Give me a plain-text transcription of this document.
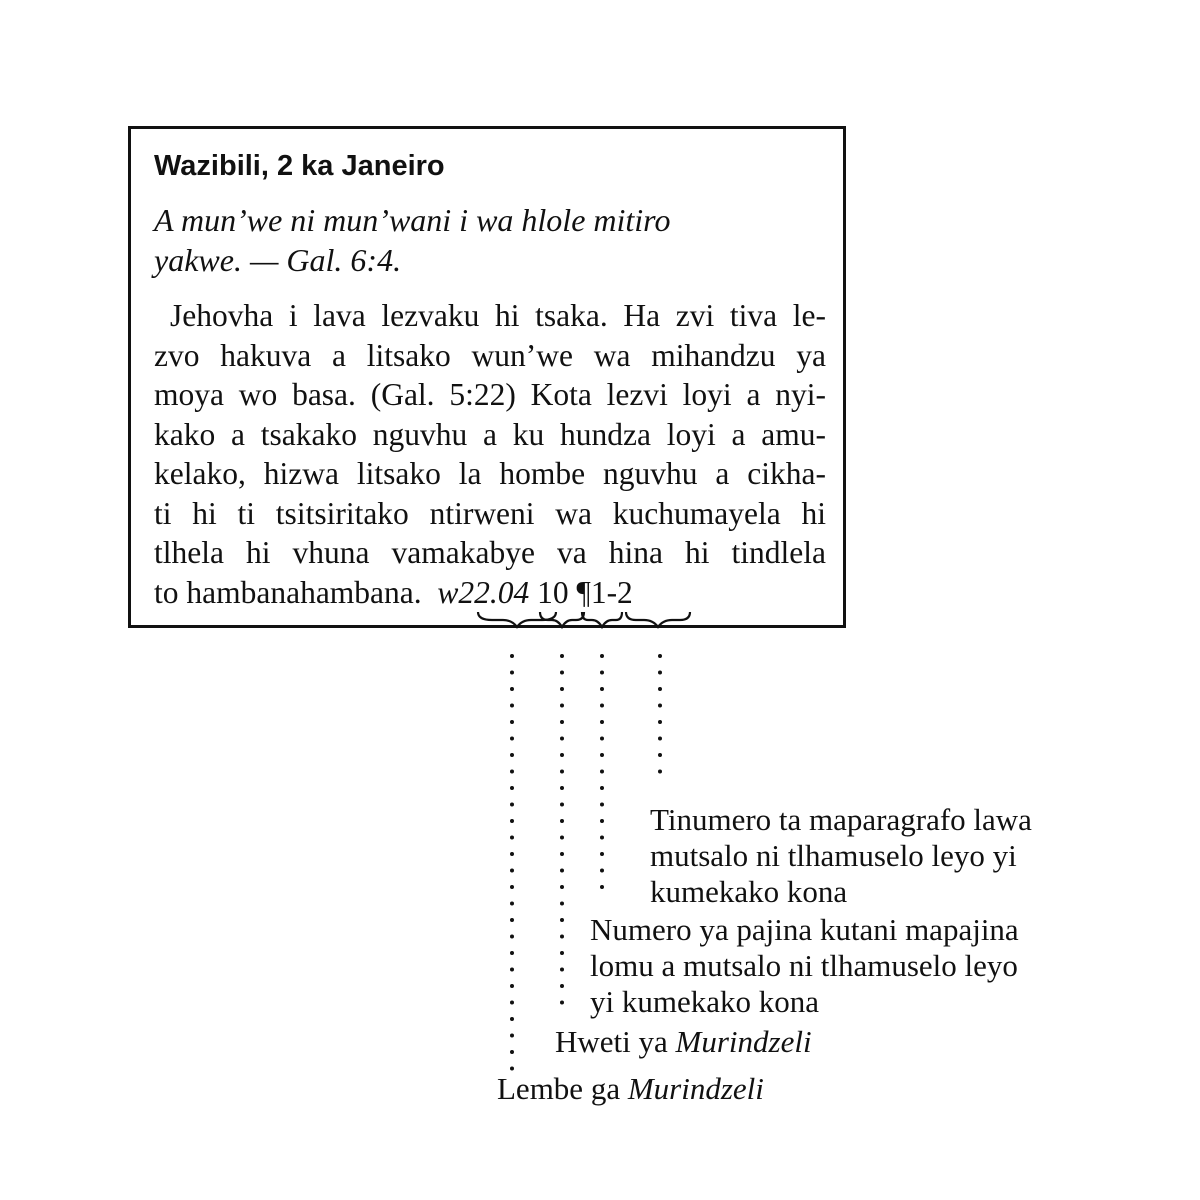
Wazibili, 2 ka Janeiro
A mun’we ni mun’wani i wa hlole mitiro
yakwe. — Gal. 6:4.
Jehovha i lava lezvaku hi tsaka. Ha zvi tiva le-
zvo hakuva a litsako wun’we wa mihandzu ya
moya wo basa. (Gal. 5:22) Kota lezvi loyi a nyi-
kako a tsakako nguvhu a ku hundza loyi a amu-
kelako, hizwa litsako la hombe nguvhu a cikha-
ti hi ti tsitsiritako ntirweni wa kuchumayela hi
tlhela hi vhuna vamakabye va hina hi tindlela
to hambanahambana. w22.04 10 ¶1-2
Tinumero ta maparagrafo lawa
mutsalo ni tlhamuselo leyo yi
kumekako kona
Numero ya pajina kutani mapajina
lomu a mutsalo ni tlhamuselo leyo
yi kumekako kona
Hweti ya Murindzeli
Lembe ga Murindzeli
